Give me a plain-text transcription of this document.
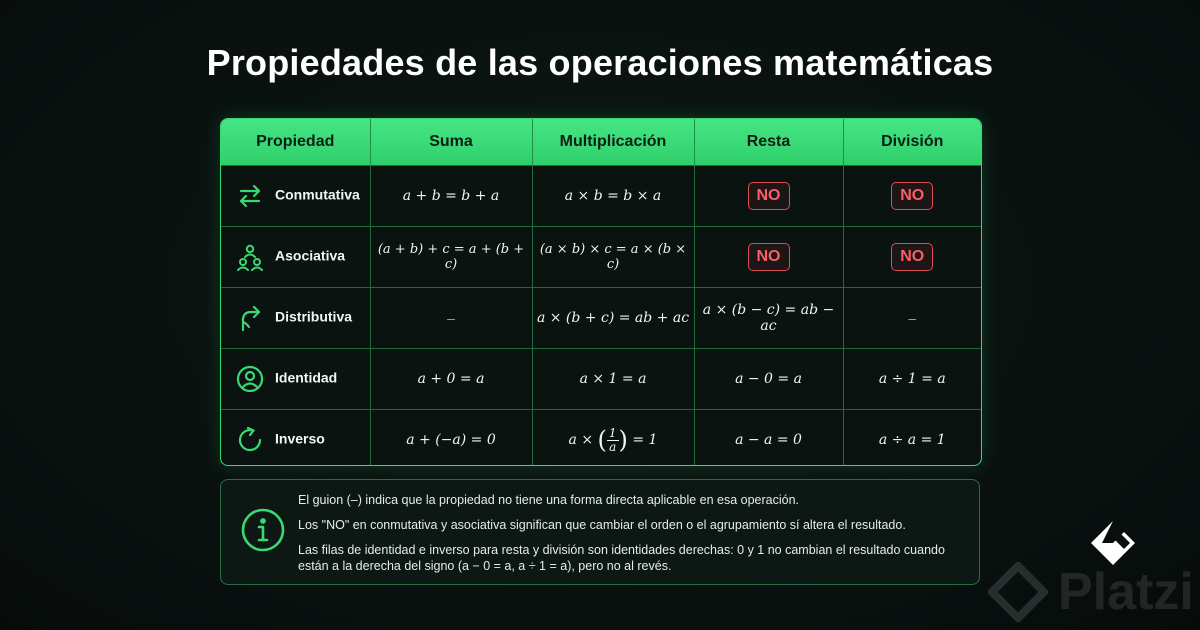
Propiedades de las operaciones matemáticas
Propiedad	Suma	Multiplicación	Resta	División
Conmutativa	a + b = b + a	a × b = b × a	NO	NO
Asociativa	(a + b) + c = a + (b + c)	(a × b) × c = a × (b × c)	NO	NO
Distributiva	–	a × (b + c) = ab + ac	a × (b − c) = ab − ac	–
Identidad	a + 0 = a	a × 1 = a	a − 0 = a	a ÷ 1 = a
Inverso	a + (−a) = 0	a × ( $\frac{1}{a}$ ) = 1	a − a = 0	a ÷ a = 1
El guion (–) indica que la propiedad no tiene una forma directa aplicable en esa operación.
Los "NO" en conmutativa y asociativa significan que cambiar el orden o el agrupamiento sí altera el resultado.
Las filas de identidad e inverso para resta y división son identidades derechas: 0 y 1 no cambian el resultado cuando están a la derecha del signo (a − 0 = a, a ÷ 1 = a), pero no al revés.	Platzi
